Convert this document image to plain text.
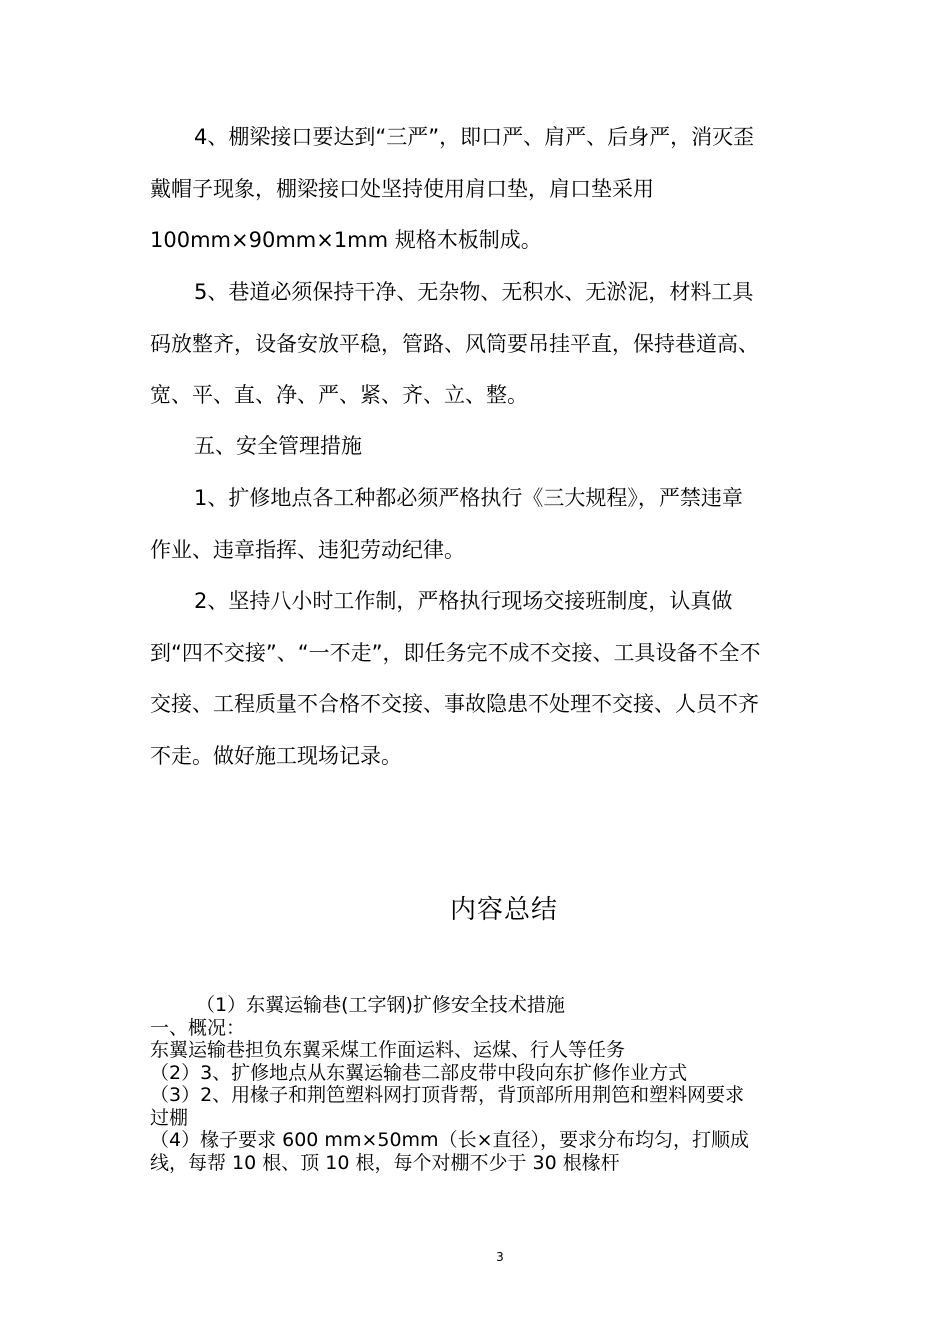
4、棚梁接口要达到“三严”，即口严、肩严、后身严，消灭歪
戴帽子现象，棚梁接口处坚持使用肩口垫，肩口垫采用
100mm×90mm×1mm 规格木板制成。

5、巷道必须保持干净、无杂物、无积水、无淤泥，材料工具
码放整齐，设备安放平稳，管路、风筒要吊挂平直，保持巷道高、
宽、平、直、净、严、紧、齐、立、整。

五、安全管理措施

1、扩修地点各工种都必须严格执行《三大规程》，严禁违章
作业、违章指挥、违犯劳动纪律。

2、坚持八小时工作制，严格执行现场交接班制度，认真做
到“四不交接”、“一不走”，即任务完不成不交接、工具设备不全不
交接、工程质量不合格不交接、事故隐患不处理不交接、人员不齐
不走。做好施工现场记录。

内容总结
（1）东翼运输巷(工字钢)扩修安全技术措施
一、概况：
东翼运输巷担负东翼采煤工作面运料、运煤、行人等任务
（2）3、扩修地点从东翼运输巷二部皮带中段向东扩修作业方式
（3）2、用椽子和荆笆塑料网打顶背帮，背顶部所用荆笆和塑料网要求
过棚
（4）椽子要求 600 mm×50mm（长×直径），要求分布均匀，打顺成
线，每帮 10 根、顶 10 根，每个对棚不少于 30 根椽杆
3
